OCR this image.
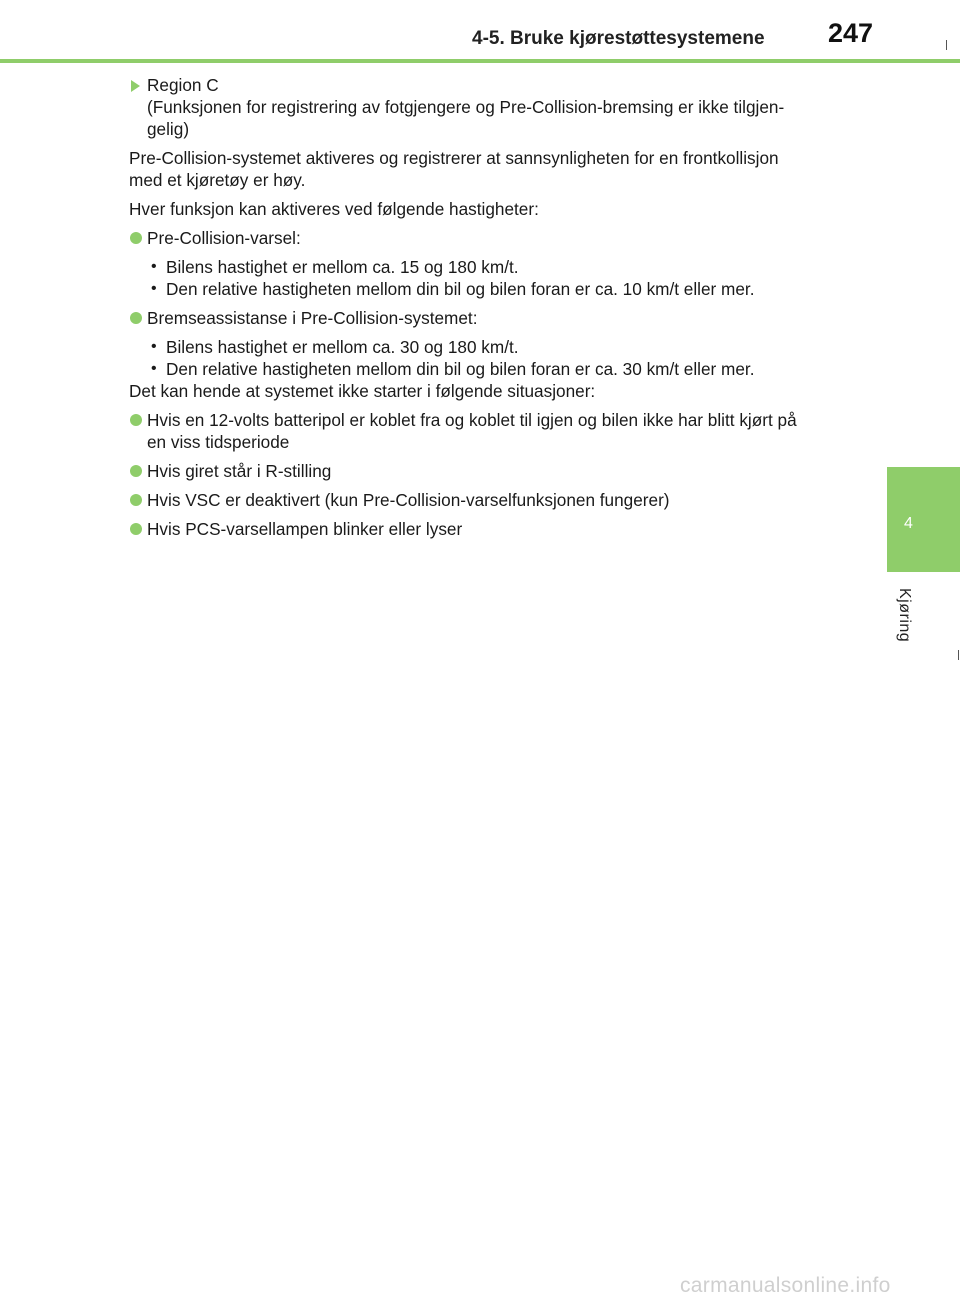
4-5. Bruke kjørestøttesystemene 247
4
Kjøring
Region C
(Funksjonen for registrering av fotgjengere og Pre-Collision-bremsing er ikke tilgjen-
gelig)
Pre-Collision-systemet aktiveres og registrerer at sannsynligheten for en frontkollisjon
med et kjøretøy er høy.
Hver funksjon kan aktiveres ved følgende hastigheter:
Pre-Collision-varsel:
• Bilens hastighet er mellom ca. 15 og 180 km/t.
• Den relative hastigheten mellom din bil og bilen foran er ca. 10 km/t eller mer.
Bremseassistanse i Pre-Collision-systemet:
• Bilens hastighet er mellom ca. 30 og 180 km/t.
• Den relative hastigheten mellom din bil og bilen foran er ca. 30 km/t eller mer.
Det kan hende at systemet ikke starter i følgende situasjoner:
Hvis en 12-volts batteripol er koblet fra og koblet til igjen og bilen ikke har blitt kjørt på
en viss tidsperiode
Hvis giret står i R-stilling
Hvis VSC er deaktivert (kun Pre-Collision-varselfunksjonen fungerer)
Hvis PCS-varsellampen blinker eller lyser
carmanualsonline.info
